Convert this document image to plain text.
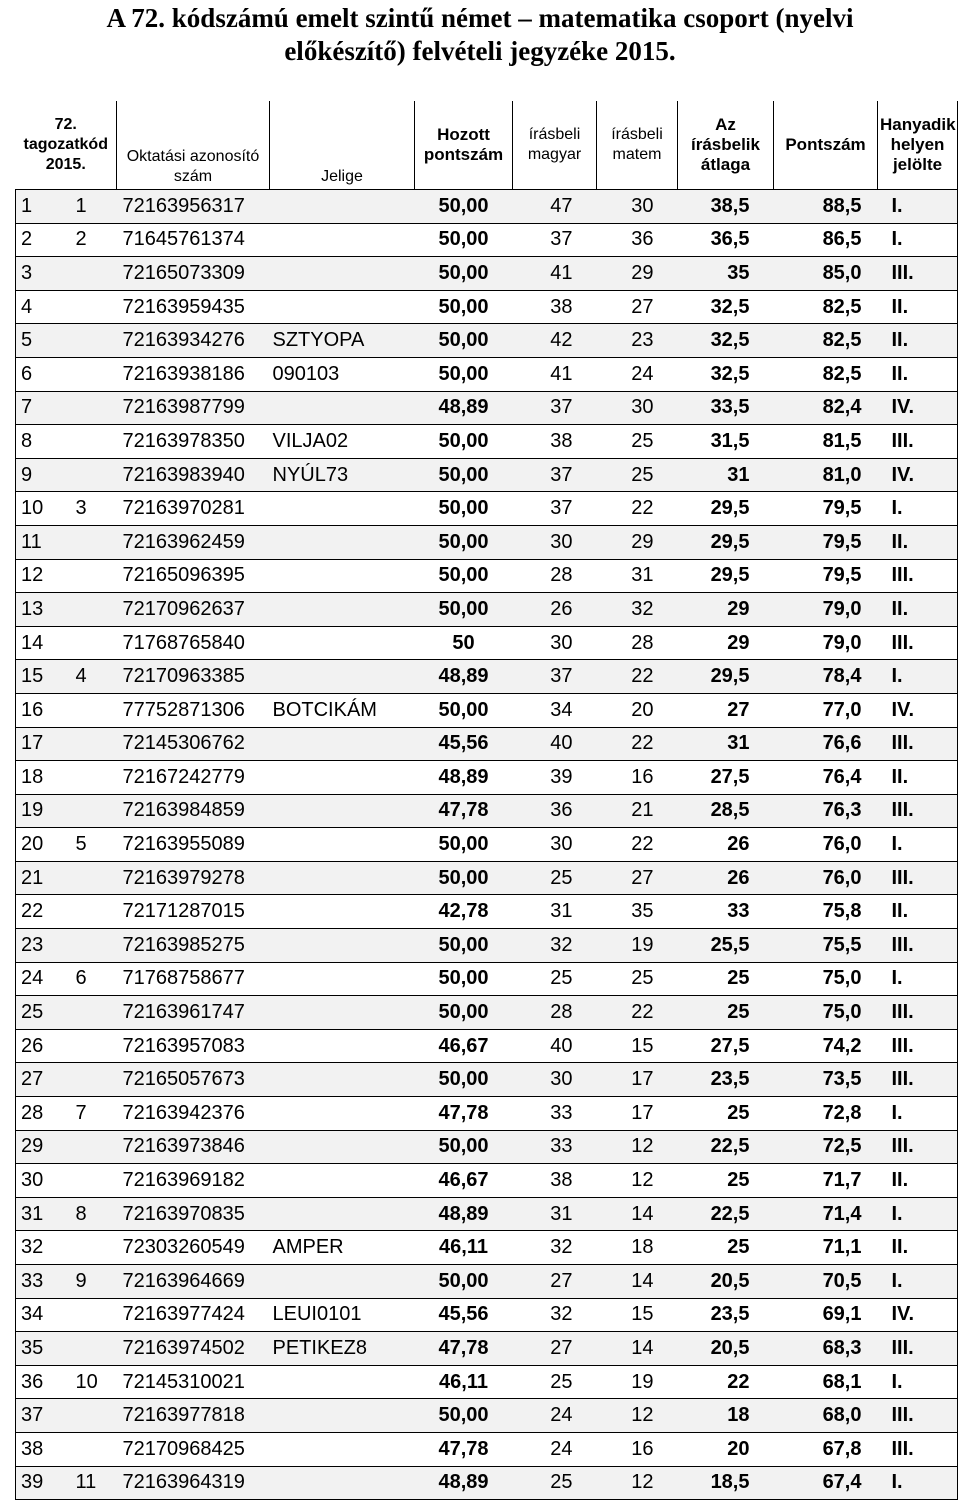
A 72. kódszámú emelt szintű német – matematika csoport (nyelvi
előkészítő) felvételi jegyzéke 2015.
72. tagozatkód 2015.		Oktatási azonosító szám	Jelige	Hozott pontszám	írásbeli magyar	írásbeli matem	Az írásbelik átlaga	Pontszám	Hanyadik helyen jelölte
1	1	72163956317		50,00	47	30	38,5	88,5	I.
2	2	71645761374		50,00	37	36	36,5	86,5	I.
3		72165073309		50,00	41	29	35	85,0	III.
4		72163959435		50,00	38	27	32,5	82,5	II.
5		72163934276	SZTYOPA	50,00	42	23	32,5	82,5	II.
6		72163938186	090103	50,00	41	24	32,5	82,5	II.
7		72163987799		48,89	37	30	33,5	82,4	IV.
8		72163978350	VILJA02	50,00	38	25	31,5	81,5	III.
9		72163983940	NYÚL73	50,00	37	25	31	81,0	IV.
10	3	72163970281		50,00	37	22	29,5	79,5	I.
11		72163962459		50,00	30	29	29,5	79,5	II.
12		72165096395		50,00	28	31	29,5	79,5	III.
13		72170962637		50,00	26	32	29	79,0	II.
14		71768765840		50	30	28	29	79,0	III.
15	4	72170963385		48,89	37	22	29,5	78,4	I.
16		77752871306	BOTCIKÁM	50,00	34	20	27	77,0	IV.
17		72145306762		45,56	40	22	31	76,6	III.
18		72167242779		48,89	39	16	27,5	76,4	II.
19		72163984859		47,78	36	21	28,5	76,3	III.
20	5	72163955089		50,00	30	22	26	76,0	I.
21		72163979278		50,00	25	27	26	76,0	III.
22		72171287015		42,78	31	35	33	75,8	II.
23		72163985275		50,00	32	19	25,5	75,5	III.
24	6	71768758677		50,00	25	25	25	75,0	I.
25		72163961747		50,00	28	22	25	75,0	III.
26		72163957083		46,67	40	15	27,5	74,2	III.
27		72165057673		50,00	30	17	23,5	73,5	III.
28	7	72163942376		47,78	33	17	25	72,8	I.
29		72163973846		50,00	33	12	22,5	72,5	III.
30		72163969182		46,67	38	12	25	71,7	II.
31	8	72163970835		48,89	31	14	22,5	71,4	I.
32		72303260549	AMPER	46,11	32	18	25	71,1	II.
33	9	72163964669		50,00	27	14	20,5	70,5	I.
34		72163977424	LEUI0101	45,56	32	15	23,5	69,1	IV.
35		72163974502	PETIKEZ8	47,78	27	14	20,5	68,3	III.
36	10	72145310021		46,11	25	19	22	68,1	I.
37		72163977818		50,00	24	12	18	68,0	III.
38		72170968425		47,78	24	16	20	67,8	III.
39	11	72163964319		48,89	25	12	18,5	67,4	I.
